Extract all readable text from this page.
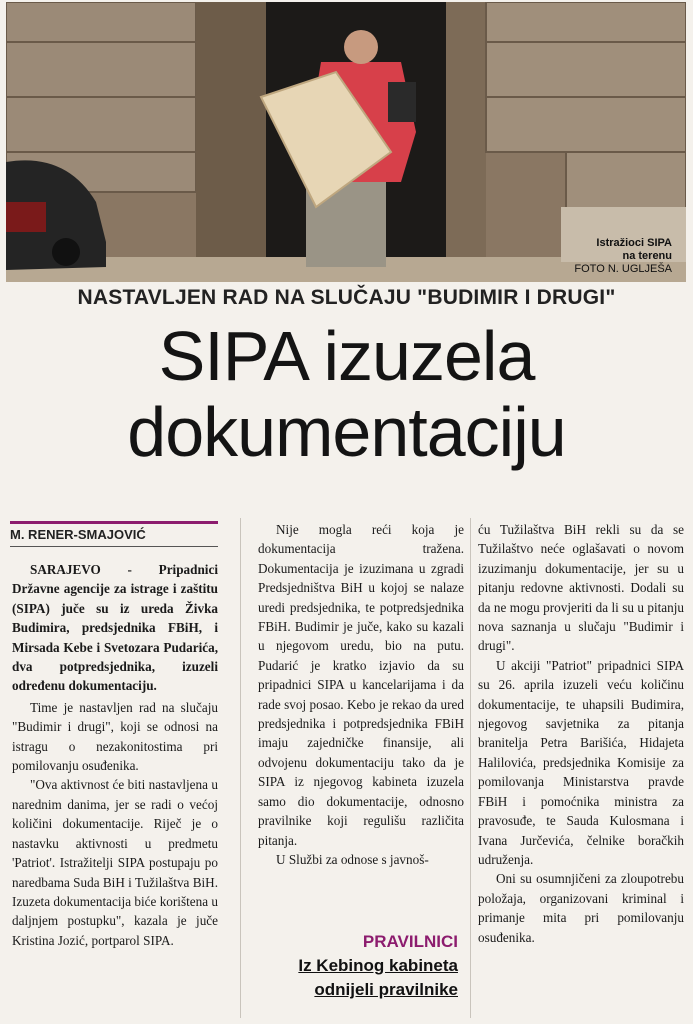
Istražioci SIPA
na terenu
FOTO N. UGLJEŠA
NASTAVLJEN RAD NA SLUČAJU "BUDIMIR I DRUGI"
SIPA izuzela
dokumentaciju
M. RENER-SMAJOVIĆ

SARAJEVO - Pripadnici Državne agencije za istrage i zaštitu (SIPA) juče su iz ureda Živka Budimira, predsjednika FBiH, i Mirsada Kebe i Svetozara Pudarića, dva potpredsjednika, izuzeli određenu dokumentaciju.

Time je nastavljen rad na slučaju "Budimir i drugi", koji se odnosi na istragu o nezakonitostima pri pomilovanju osuđenika.

"Ova aktivnost će biti nastavljena u narednim danima, jer se radi o većoj količini dokumentacije. Riječ je o nastavku aktivnosti u predmetu 'Patriot'. Istražitelji SIPA postupaju po naredbama Suda BiH i Tužilaštva BiH. Izuzeta dokumentacija biće korištena u daljnjem postupku", kazala je juče Kristina Jozić, portparol SIPA.

Nije mogla reći koja je dokumentacija tražena. Dokumentacija je izuzimana u zgradi Predsjedništva BiH u kojoj se nalaze uredi predsjednika, te potpredsjednika FBiH. Budimir je juče, kako su kazali u njegovom uredu, bio na putu. Pudarić je kratko izjavio da su pripadnici SIPA u kancelarijama i da rade svoj posao. Kebo je rekao da ured predsjednika i potpredsjednika FBiH imaju zajedničke finansije, ali odvojenu dokumentaciju tako da je SIPA iz njegovog kabineta izuzela samo dio dokumentacije, odnosno pravilnike koji regulišu različita pitanja.

U Službi za odnose s javnoš-

ću Tužilaštva BiH rekli su da se Tužilaštvo neće oglašavati o novom izuzimanju dokumentacije, jer su u pitanju redovne aktivnosti. Dodali su da ne mogu provjeriti da li su u pitanju nova saznanja u slučaju "Budimir i drugi".

U akciji "Patriot" pripadnici SIPA su 26. aprila izuzeli veću količinu dokumentacije, te uhapsili Budimira, njegovog savjetnika za pitanja branitelja Petra Barišića, Hidajeta Halilovića, predsjednika Komisije za pomilovanja Ministarstva pravde FBiH i pomoćnika ministra za pravosuđe, te Sauda Kulosmana i Ivana Jurčevića, čelnike boračkih udruženja.

Oni su osumnjičeni za zloupotrebu položaja, organizovani kriminal i primanje mita pri pomilovanju osuđenika.

PRAVILNICI
Iz Kebinog kabineta
odnijeli pravilnike
